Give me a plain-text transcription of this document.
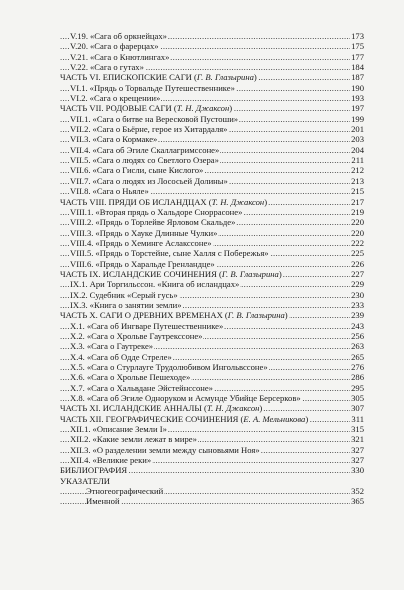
.....
V.19. «Сага об оркнейцах»	173
.....
V.20. «Сага о фарерцах»	175
.....
V.21. «Сага о Кнютлингах»	177
.....
V.22. «Сага о гутах»	184
.....
ЧАСТЬ VI. ЕПИСКОПСКИЕ САГИ (Г. В. Глазырина)	187
.....
VI.1. «Прядь о Торвальде Путешественнике»	190
.....
VI.2. «Сага о крещении»	193
.....
ЧАСТЬ VII. РОДОВЫЕ САГИ (Т. Н. Джаксон)	197
.....
VII.1. «Сага о битве на Вересковой Пустоши»	199
.....
VII.2. «Сага о Бьёрне, герое из Хитардаля»	201
.....
VII.3. «Сага о Кормаке»	203
.....
VII.4. «Сага об Эгиле Скаллагримссоне»	204
.....
VII.5. «Сага о людях со Светлого Озера»	211
.....
VII.6. «Сага о Гисли, сыне Кислого»	212
.....
VII.7. «Сага о людях из Лососьей Долины»	213
.....
VII.8. «Сага о Ньяле»	215
.....
ЧАСТЬ VIII. ПРЯДИ ОБ ИСЛАНДЦАХ (Т. Н. Джаксон)	217
.....
VIII.1. «Вторая прядь о Хальдоре Сноррасоне»	219
.....
VIII.2. «Прядь о Торлейве Ярловом Скальде»	220
.....
VIII.3. «Прядь о Хауке Длинные Чулки»	220
.....
VIII.4. «Прядь о Хеминге Аслакссоне»	222
.....
VIII.5. «Прядь о Торстейне, сыне Халля с Побережья»	225
.....
VIII.6. «Прядь о Харальде Гренландце»	226
.....
ЧАСТЬ IX. ИСЛАНДСКИЕ СОЧИНЕНИЯ (Г. В. Глазырина)	227
.....
IX.1. Ари Торгильссон. «Книга об исландцах»	229
.....
IX.2. Судебник «Серый гусь»	230
.....
IX.3. «Книга о занятии земли»	233
.....
ЧАСТЬ X. САГИ О ДРЕВНИХ ВРЕМЕНАХ (Г. В. Глазырина)	239
.....
X.1. «Сага об Ингваре Путешественнике»	243
.....
X.2. «Сага о Хрольве Гаутрекссоне»	256
.....
X.3. «Сага о Гаутреке»	263
.....
X.4. «Сага об Одде Стреле»	265
.....
X.5. «Сага о Стурлауге Трудолюбивом Ингольвссоне»	276
.....
X.6. «Сага о Хрольве Пешеходе»	286
.....
X.7. «Сага о Хальвдане Эйстейнссоне»	295
.....
X.8. «Сага об Эгиле Одноруком и Асмунде Убийце Берсерков»	305
.....
ЧАСТЬ XI. ИСЛАНДСКИЕ АННАЛЫ (Т. Н. Джаксон)	307
.....
ЧАСТЬ XII. ГЕОГРАФИЧЕСКИЕ СОЧИНЕНИЯ (Е. А. Мельникова)	311
.....
XII.1. «Описание Земли I»	315
.....
XII.2. «Какие земли лежат в мире»	321
.....
XII.3. «О разделении земли между сыновьями Ноя»	327
.....
XII.4. «Великие реки»	327
.....
БИБЛИОГРАФИЯ	330
УКАЗАТЕЛИ
.....
Этногеографический	352
.....
Именной	365
